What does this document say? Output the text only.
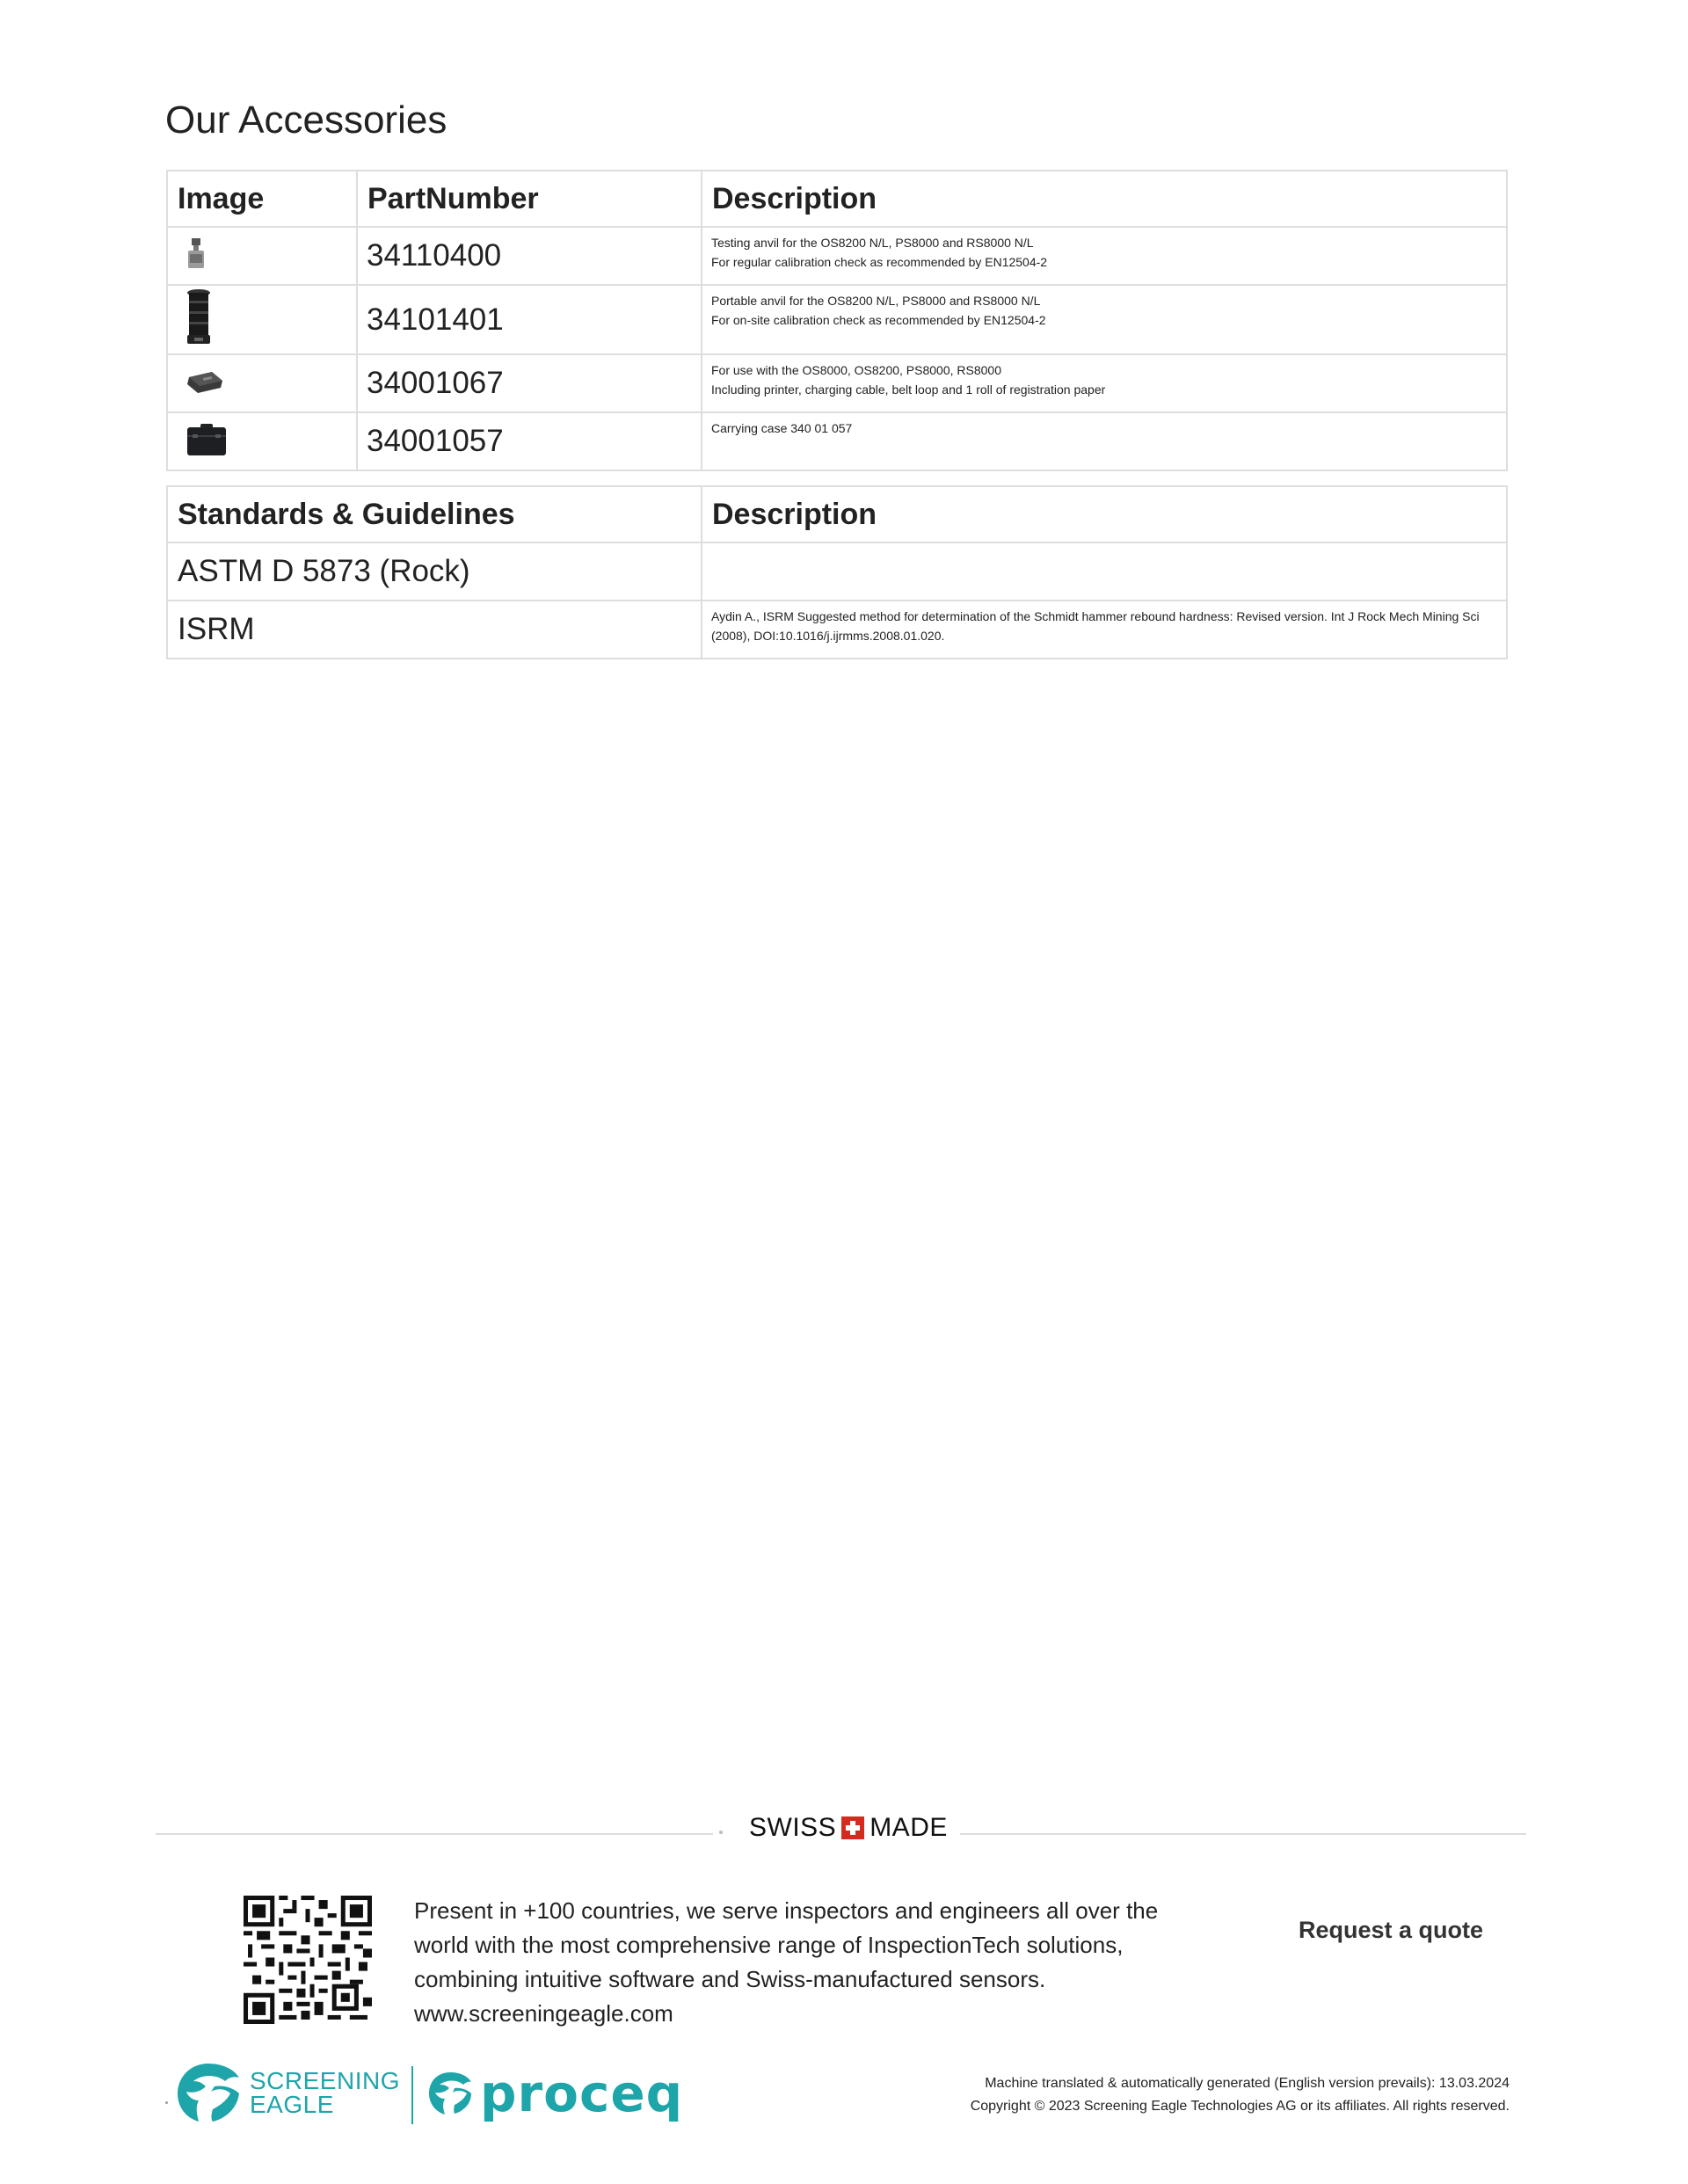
Our Accessories
Image	PartNumber	Description
	34110400	Testing anvil for the OS8200 N/L, PS8000 and RS8000 N/L
For regular calibration check as recommended by EN12504-2

	34101401	Portable anvil for the OS8200 N/L, PS8000 and RS8000 N/L
For on-site calibration check as recommended by EN12504-2

	34001067	For use with the OS8000, OS8200, PS8000, RS8000
Including printer, charging cable, belt loop and 1 roll of registration paper

	34001057	Carrying case 340 01 057
Standards & Guidelines	Description
ASTM D 5873 (Rock)	

ISRM	Aydin A., ISRM Suggested method for determination of the Schmidt hammer rebound hardness: Revised version. Int J Rock Mech Mining Sci (2008), DOI:10.1016/j.ijrmms.2008.01.020.
SWISS MADE
Present in +100 countries, we serve inspectors and engineers all over the
world with the most comprehensive range of InspectionTech solutions,
combining intuitive software and Swiss-manufactured sensors.
www.screeningeagle.com
Request a quote
SCREENING
EAGLE	proceq	Machine translated & automatically generated (English version prevails): 13.03.2024
Copyright © 2023 Screening Eagle Technologies AG or its affiliates. All rights reserved.
